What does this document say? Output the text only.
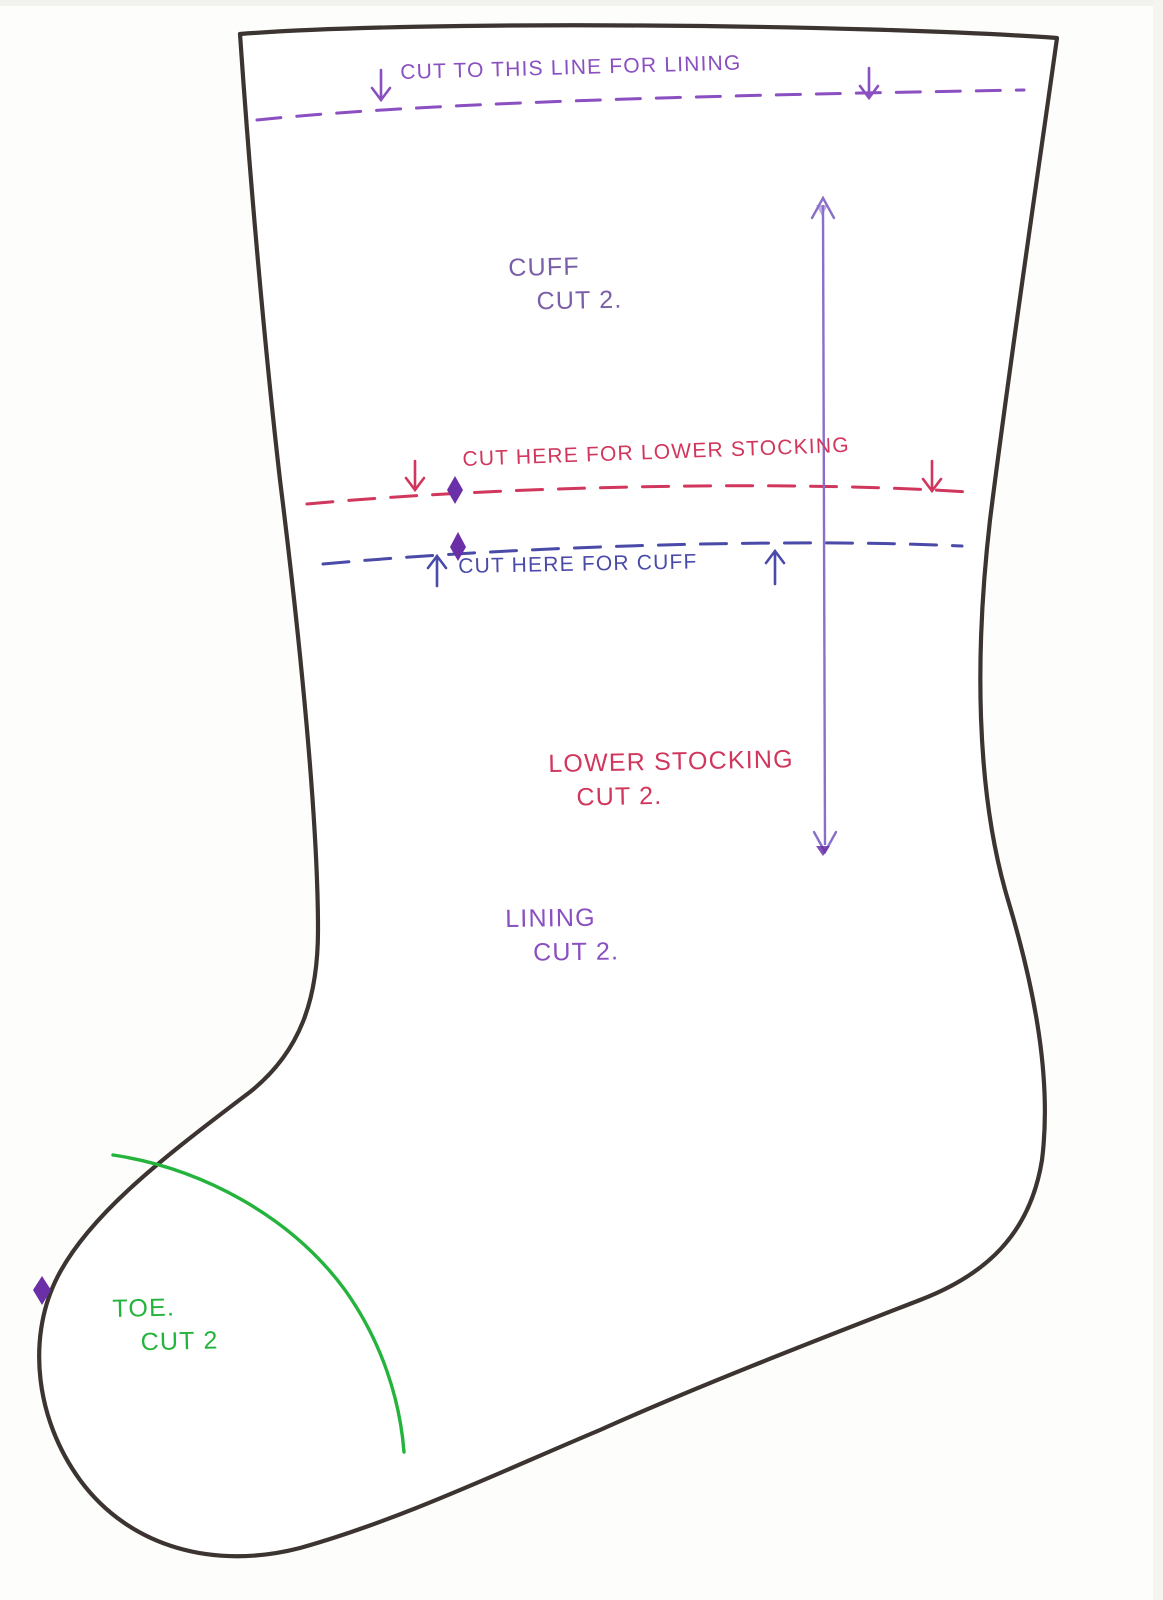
CUT TO THIS LINE FOR LINING
CUFF
CUT 2.
CUT HERE FOR LOWER STOCKING
CUT HERE FOR CUFF
LOWER STOCKING
CUT 2.
LINING
CUT 2.
TOE.
CUT 2
